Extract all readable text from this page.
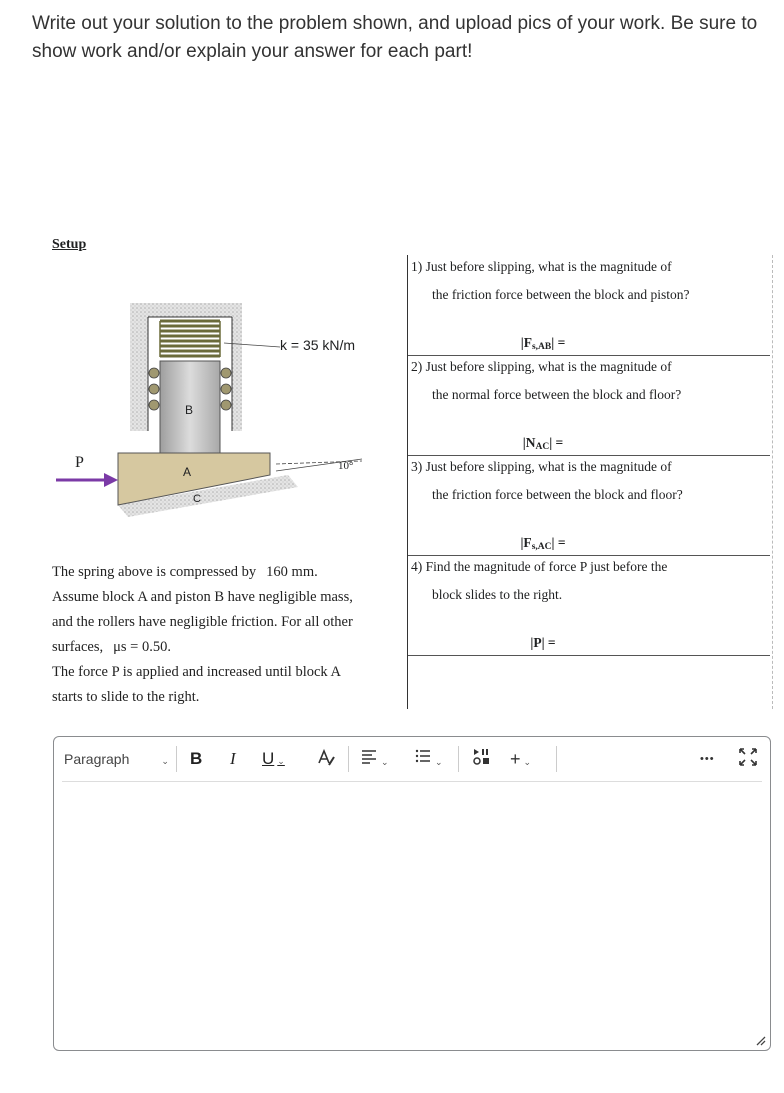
Write out your solution to the problem shown, and upload pics of your work. Be sure to show work and/or explain your answer for each part!
Setup
k = 35 kN/m
B
A
C
P	10°
The spring above is compressed by 160 mm.
Assume block A and piston B have negligible mass,
and the rollers have negligible friction. For all other
surfaces, μs = 0.50.
The force P is applied and increased until block A
starts to slide to the right.
1) Just before slipping, what is the magnitude of
the friction force between the block and piston?
$|F_{s,AB}|$ =
2) Just before slipping, what is the magnitude of
the normal force between the block and floor?
$|N_{AC}|$ =
3) Just before slipping, what is the magnitude of
the friction force between the block and floor?
$|F_{s,AC}|$ =
4) Find the magnitude of force P just before the
block slides to the right.
|P| =
Paragraph	⌄ B I U ⌄	⌄	⌄	+ ⌄	•••
